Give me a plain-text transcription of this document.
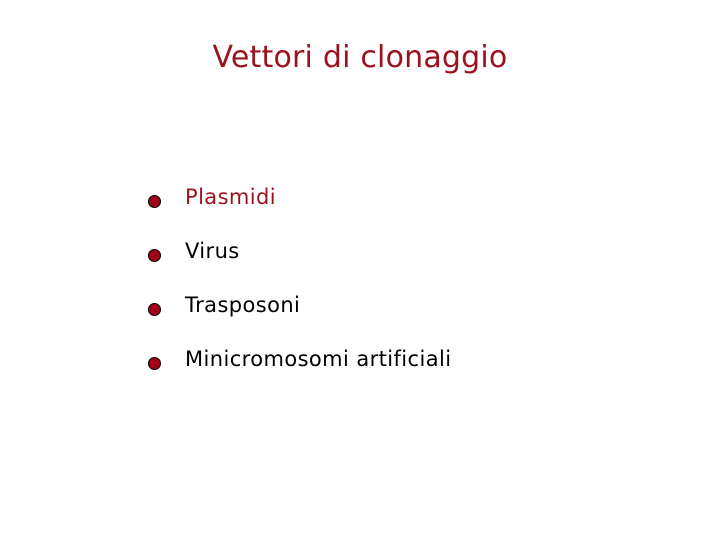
Vettori di clonaggio
Plasmidi
Virus
Trasposoni
Minicromosomi artificiali
